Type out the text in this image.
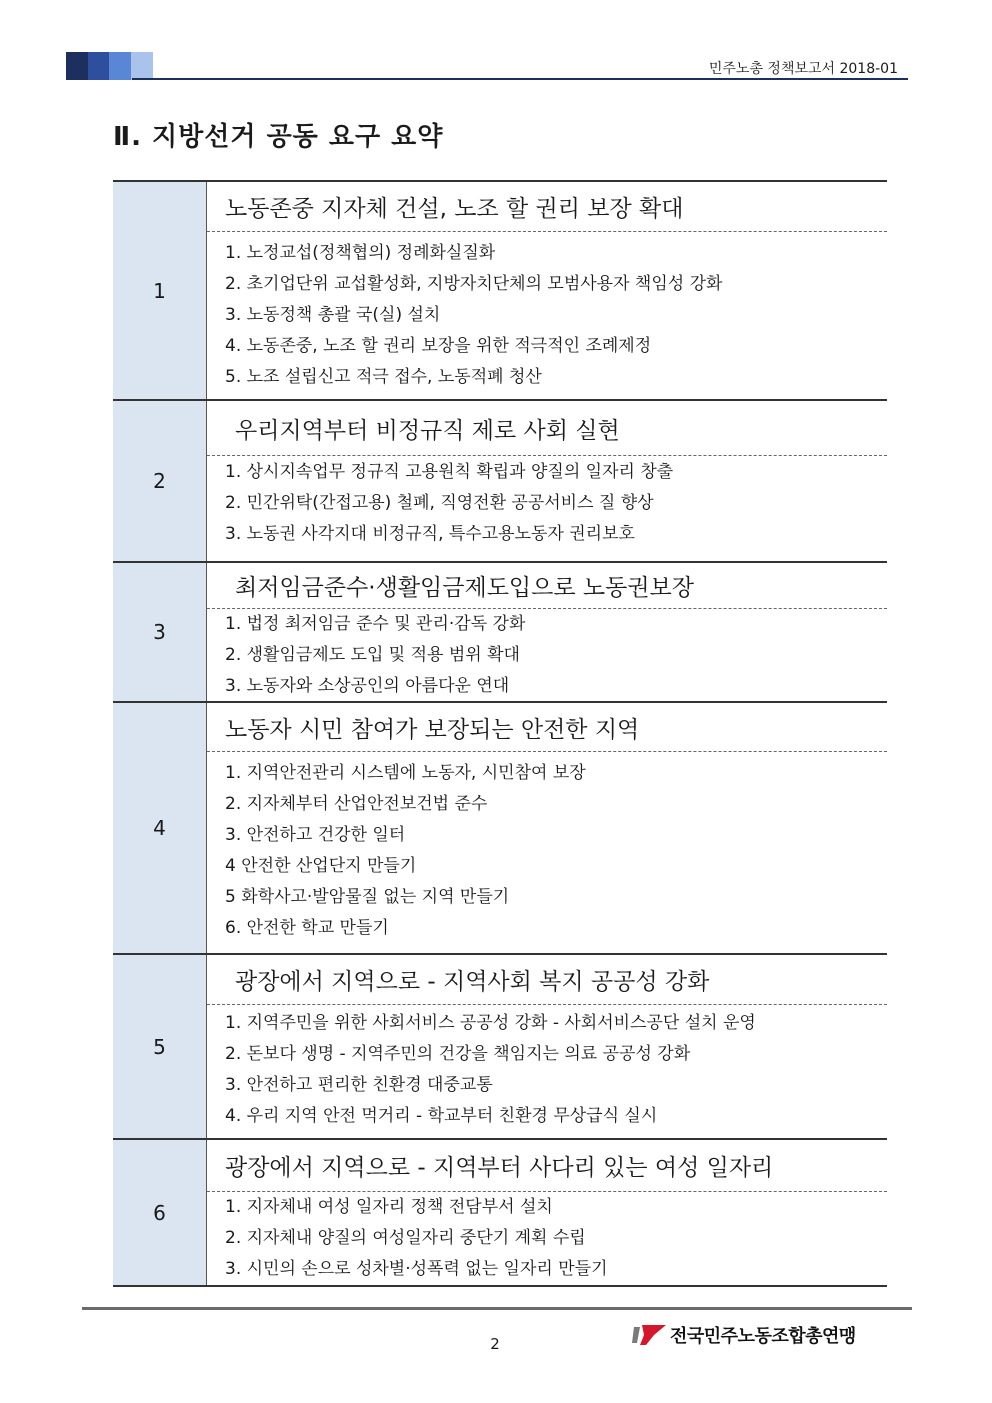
민주노총 정책보고서 2018-01
Ⅱ. 지방선거 공동 요구 요약
1
노동존중 지자체 건설, 노조 할 권리 보장 확대
1. 노정교섭(정책협의) 정례화실질화
2. 초기업단위 교섭활성화, 지방자치단체의 모범사용자 책임성 강화
3. 노동정책 총괄 국(실) 설치
4. 노동존중, 노조 할 권리 보장을 위한 적극적인 조례제정
5. 노조 설립신고 적극 접수, 노동적폐 청산
2
우리지역부터 비정규직 제로 사회 실현
1. 상시지속업무 정규직 고용원칙 확립과 양질의 일자리 창출
2. 민간위탁(간접고용) 철폐, 직영전환 공공서비스 질 향상
3. 노동권 사각지대 비정규직, 특수고용노동자 권리보호
3
최저임금준수·생활임금제도입으로 노동권보장
1. 법정 최저임금 준수 및 관리·감독 강화
2. 생활임금제도 도입 및 적용 범위 확대
3. 노동자와 소상공인의 아름다운 연대
4
노동자 시민 참여가 보장되는 안전한 지역
1. 지역안전관리 시스템에 노동자, 시민참여 보장
2. 지자체부터 산업안전보건법 준수
3. 안전하고 건강한 일터
4 안전한 산업단지 만들기
5 화학사고·발암물질 없는 지역 만들기
6. 안전한 학교 만들기
5
광장에서 지역으로 - 지역사회 복지 공공성 강화
1. 지역주민을 위한 사회서비스 공공성 강화 - 사회서비스공단 설치 운영
2. 돈보다 생명 - 지역주민의 건강을 책임지는 의료 공공성 강화
3. 안전하고 편리한 친환경 대중교통
4. 우리 지역 안전 먹거리 - 학교부터 친환경 무상급식 실시
6
광장에서 지역으로 - 지역부터 사다리 있는 여성 일자리
1. 지자체내 여성 일자리 정책 전담부서 설치
2. 지자체내 양질의 여성일자리 중단기 계획 수립
3. 시민의 손으로 성차별·성폭력 없는 일자리 만들기
2	전국민주노동조합총연맹
